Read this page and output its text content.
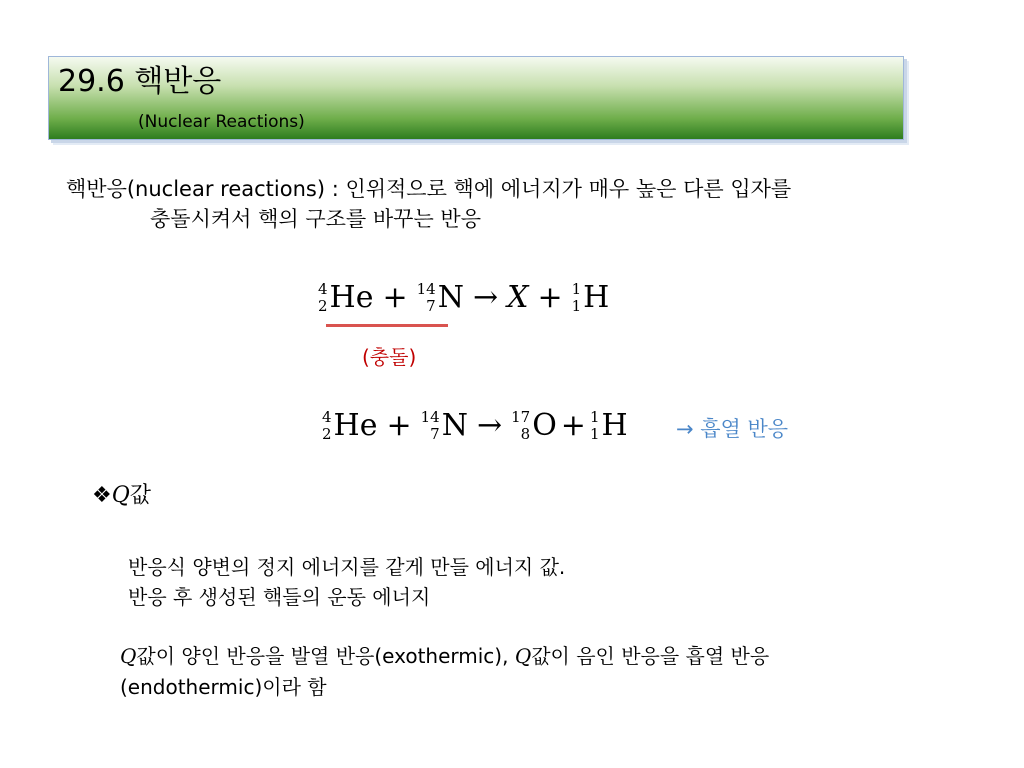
29.6 핵반응
(Nuclear Reactions)
핵반응(nuclear reactions) : 인위적으로 핵에 에너지가 매우 높은 다른 입자를
충돌시켜서 핵의 구조를 바꾸는 반응
4
2 He + 14
7 N → X + 1
1 H
(충돌)
4
2 He + 14
7 N → 17
8 O + 1
1 H → 흡열 반응
❖Q값
반응식 양변의 정지 에너지를 같게 만들 에너지 값.
반응 후 생성된 핵들의 운동 에너지
Q값이 양인 반응을 발열 반응(exothermic), Q값이 음인 반응을 흡열 반응
(endothermic)이라 함
